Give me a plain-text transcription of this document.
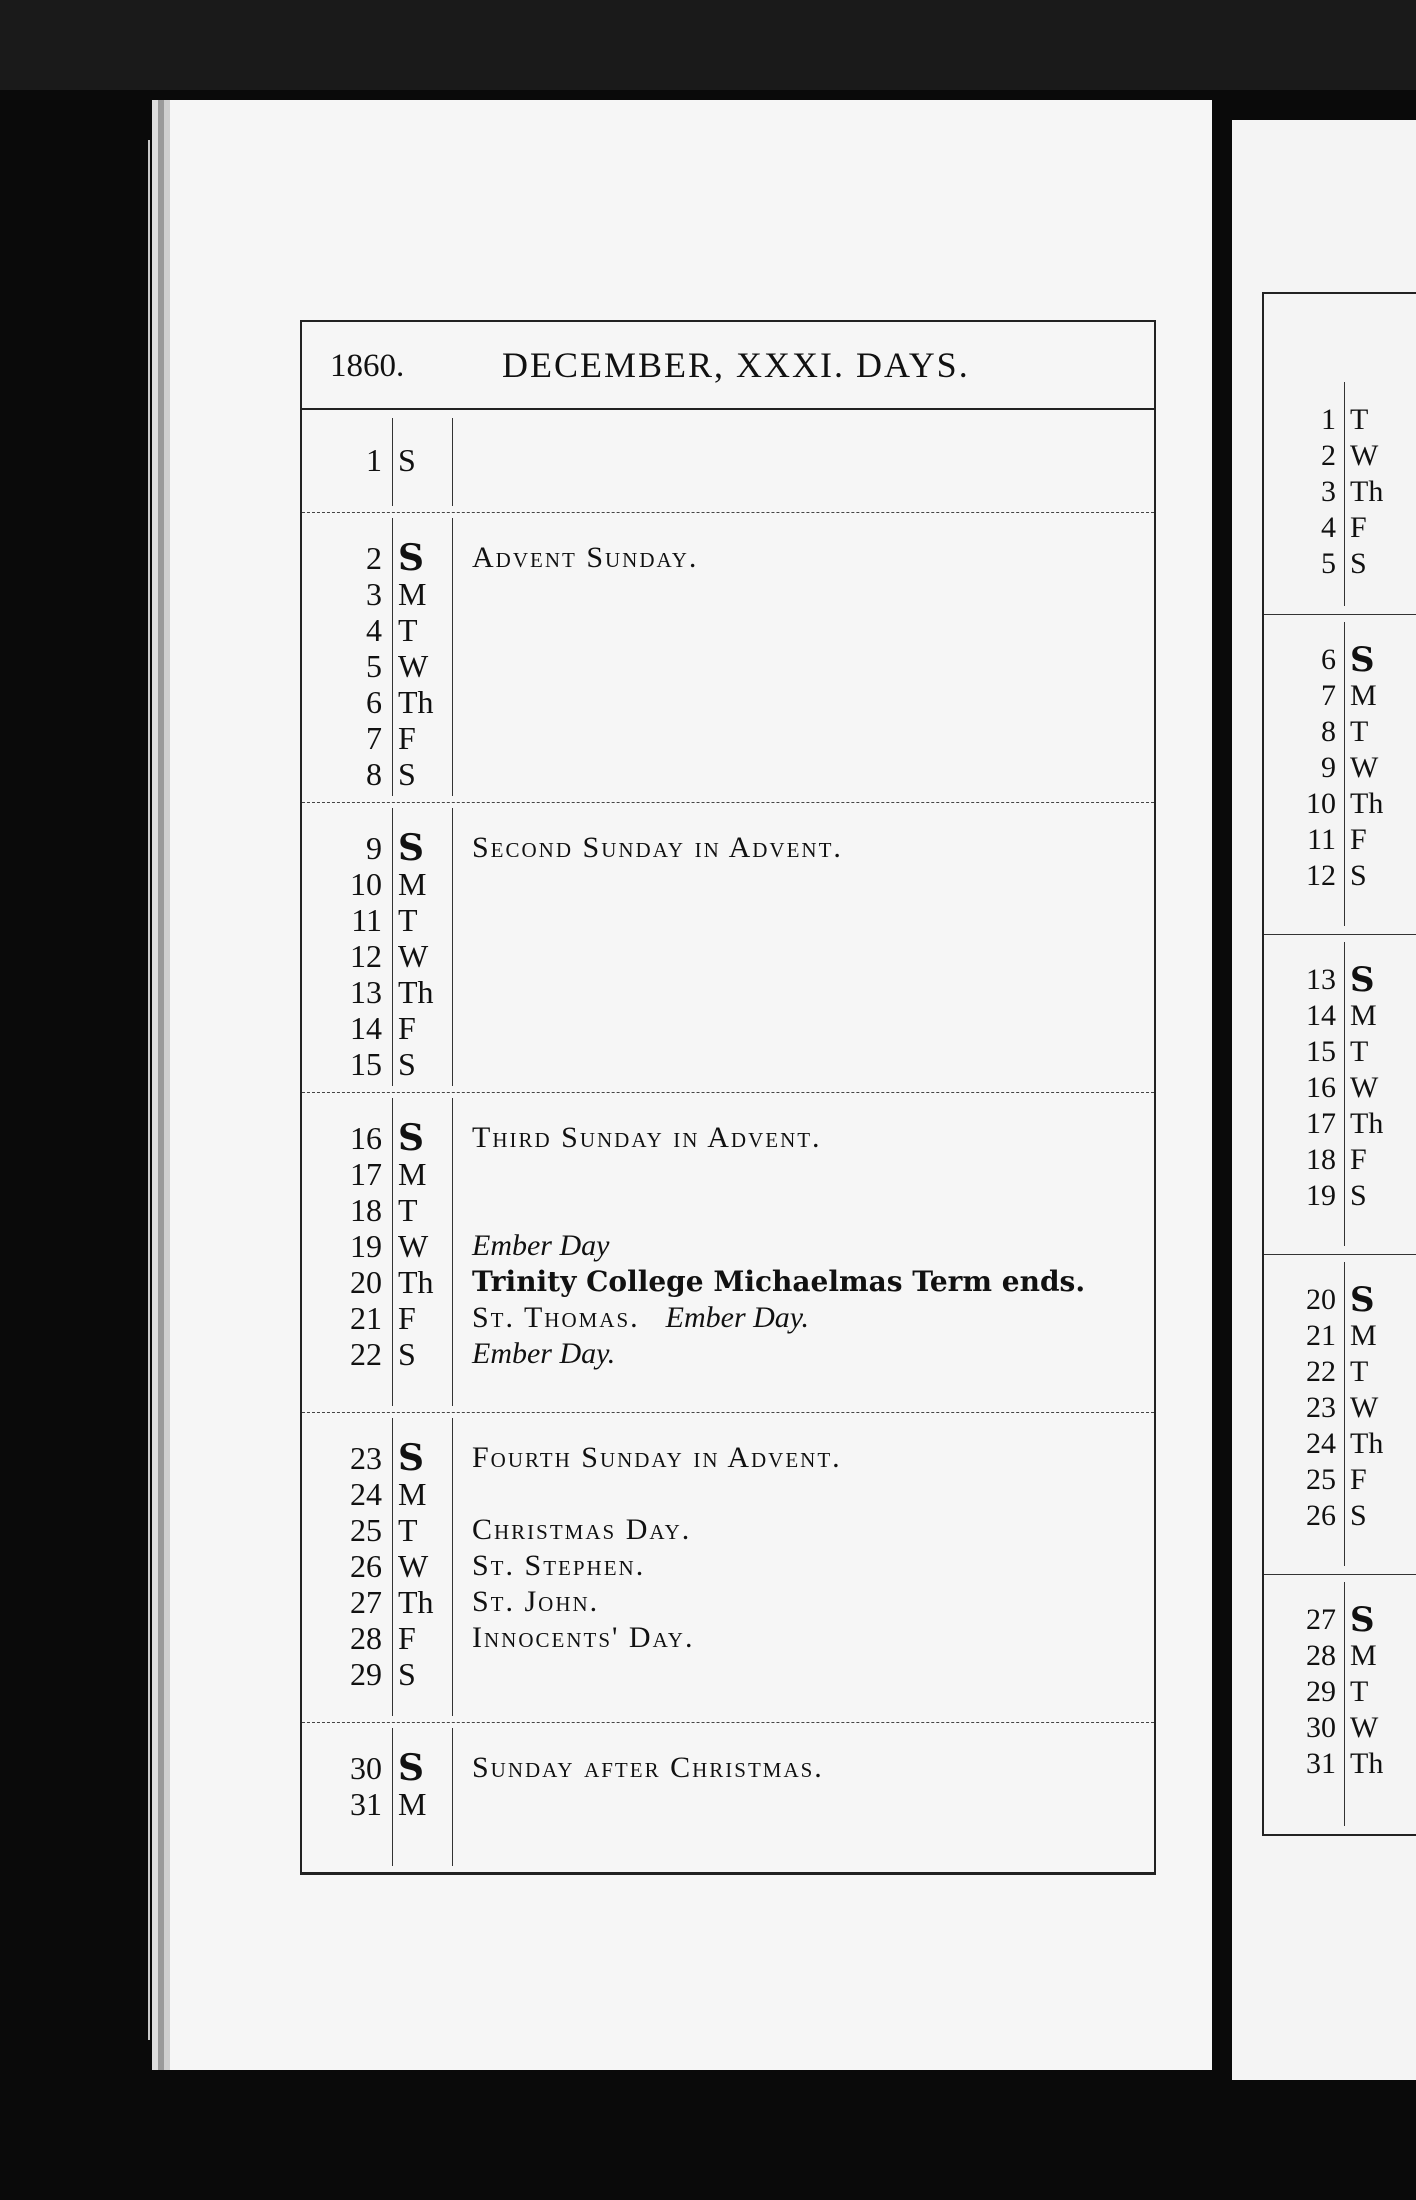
1860.	DECEMBER, XXXI. DAYS.
1 S
2 S Advent Sunday.
3 M
4 T
5 W
6 Th
7 F
8 S
9 S Second Sunday in Advent.
10 M
11 T
12 W
13 Th
14 F
15 S
16 S Third Sunday in Advent.
17 M
18 T
19 W Ember Day
20 Th Trinity College Michaelmas Term ends.
21 F St. Thomas. Ember Day.
22 S Ember Day.
23 S Fourth Sunday in Advent.
24 M
25 T Christmas Day.
26 W St. Stephen.
27 Th St. John.
28 F Innocents' Day.
29 S
30 S Sunday after Christmas.
31 M
1 T
2 W
3 Th
4 F
5 S
6 S
7 M
8 T
9 W
10 Th
11 F
12 S
13 S
14 M
15 T
16 W
17 Th
18 F
19 S
20 S
21 M
22 T
23 W
24 Th
25 F
26 S
27 S
28 M
29 T
30 W
31 Th
